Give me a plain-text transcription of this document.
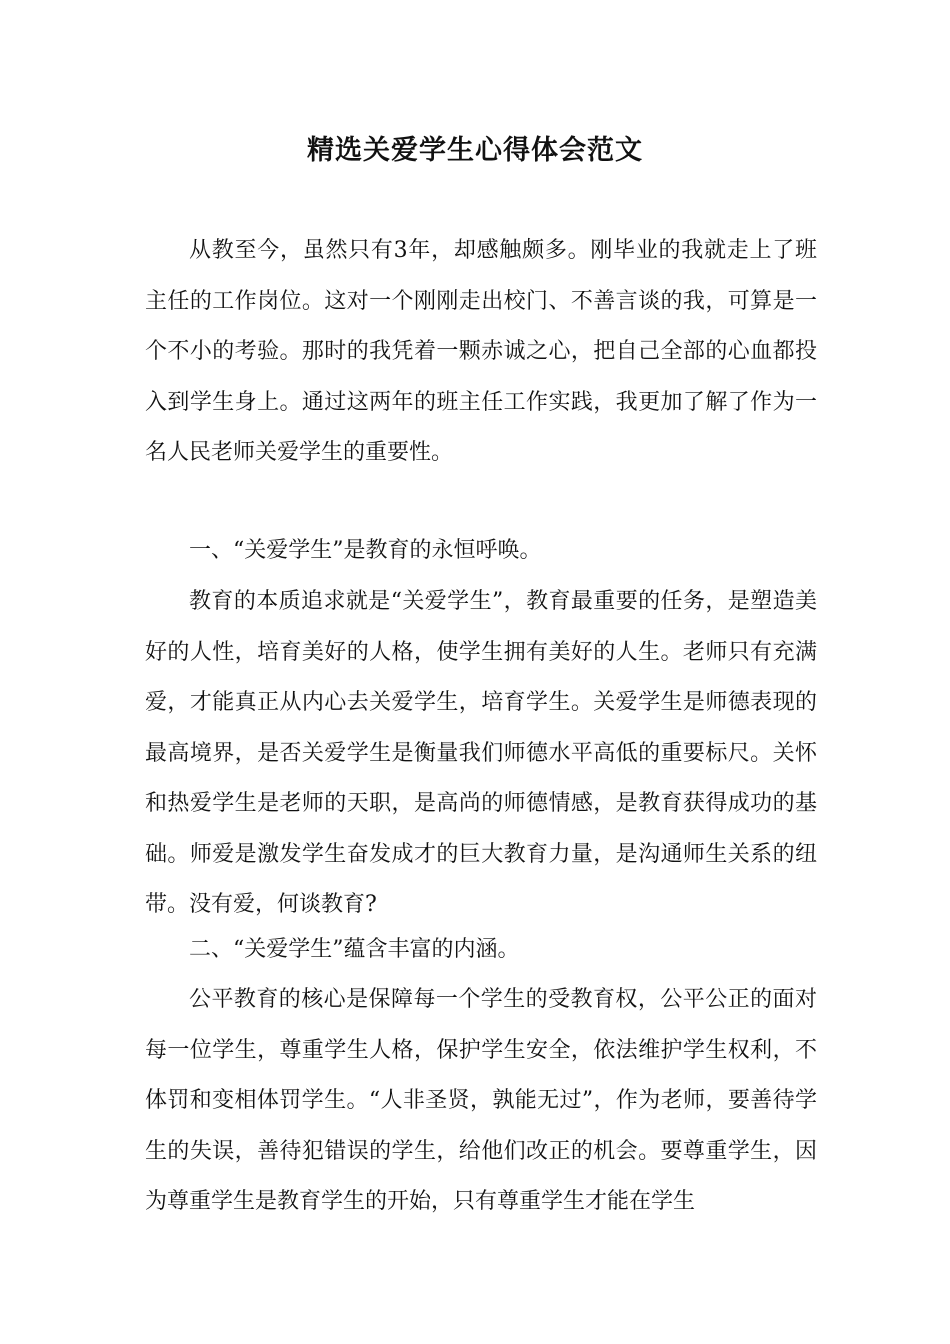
精选关爱学生心得体会范文

从教至今，虽然只有3年，却感触颇多。刚毕业的我就走上了班主任的工作岗位。这对一个刚刚走出校门、不善言谈的我，可算是一个不小的考验。那时的我凭着一颗赤诚之心，把自己全部的心血都投入到学生身上。通过这两年的班主任工作实践，我更加了解了作为一名人民老师关爱学生的重要性。

一、“关爱学生”是教育的永恒呼唤。

教育的本质追求就是“关爱学生”，教育最重要的任务，是塑造美好的人性，培育美好的人格，使学生拥有美好的人生。老师只有充满爱，才能真正从内心去关爱学生，培育学生。关爱学生是师德表现的最高境界，是否关爱学生是衡量我们师德水平高低的重要标尺。关怀和热爱学生是老师的天职，是高尚的师德情感，是教育获得成功的基础。师爱是激发学生奋发成才的巨大教育力量，是沟通师生关系的纽带。没有爱，何谈教育?

二、“关爱学生”蕴含丰富的内涵。

公平教育的核心是保障每一个学生的受教育权，公平公正的面对每一位学生，尊重学生人格，保护学生安全，依法维护学生权利，不体罚和变相体罚学生。“人非圣贤，孰能无过”，作为老师，要善待学生的失误，善待犯错误的学生，给他们改正的机会。要尊重学生，因为尊重学生是教育学生的开始，只有尊重学生才能在学生
